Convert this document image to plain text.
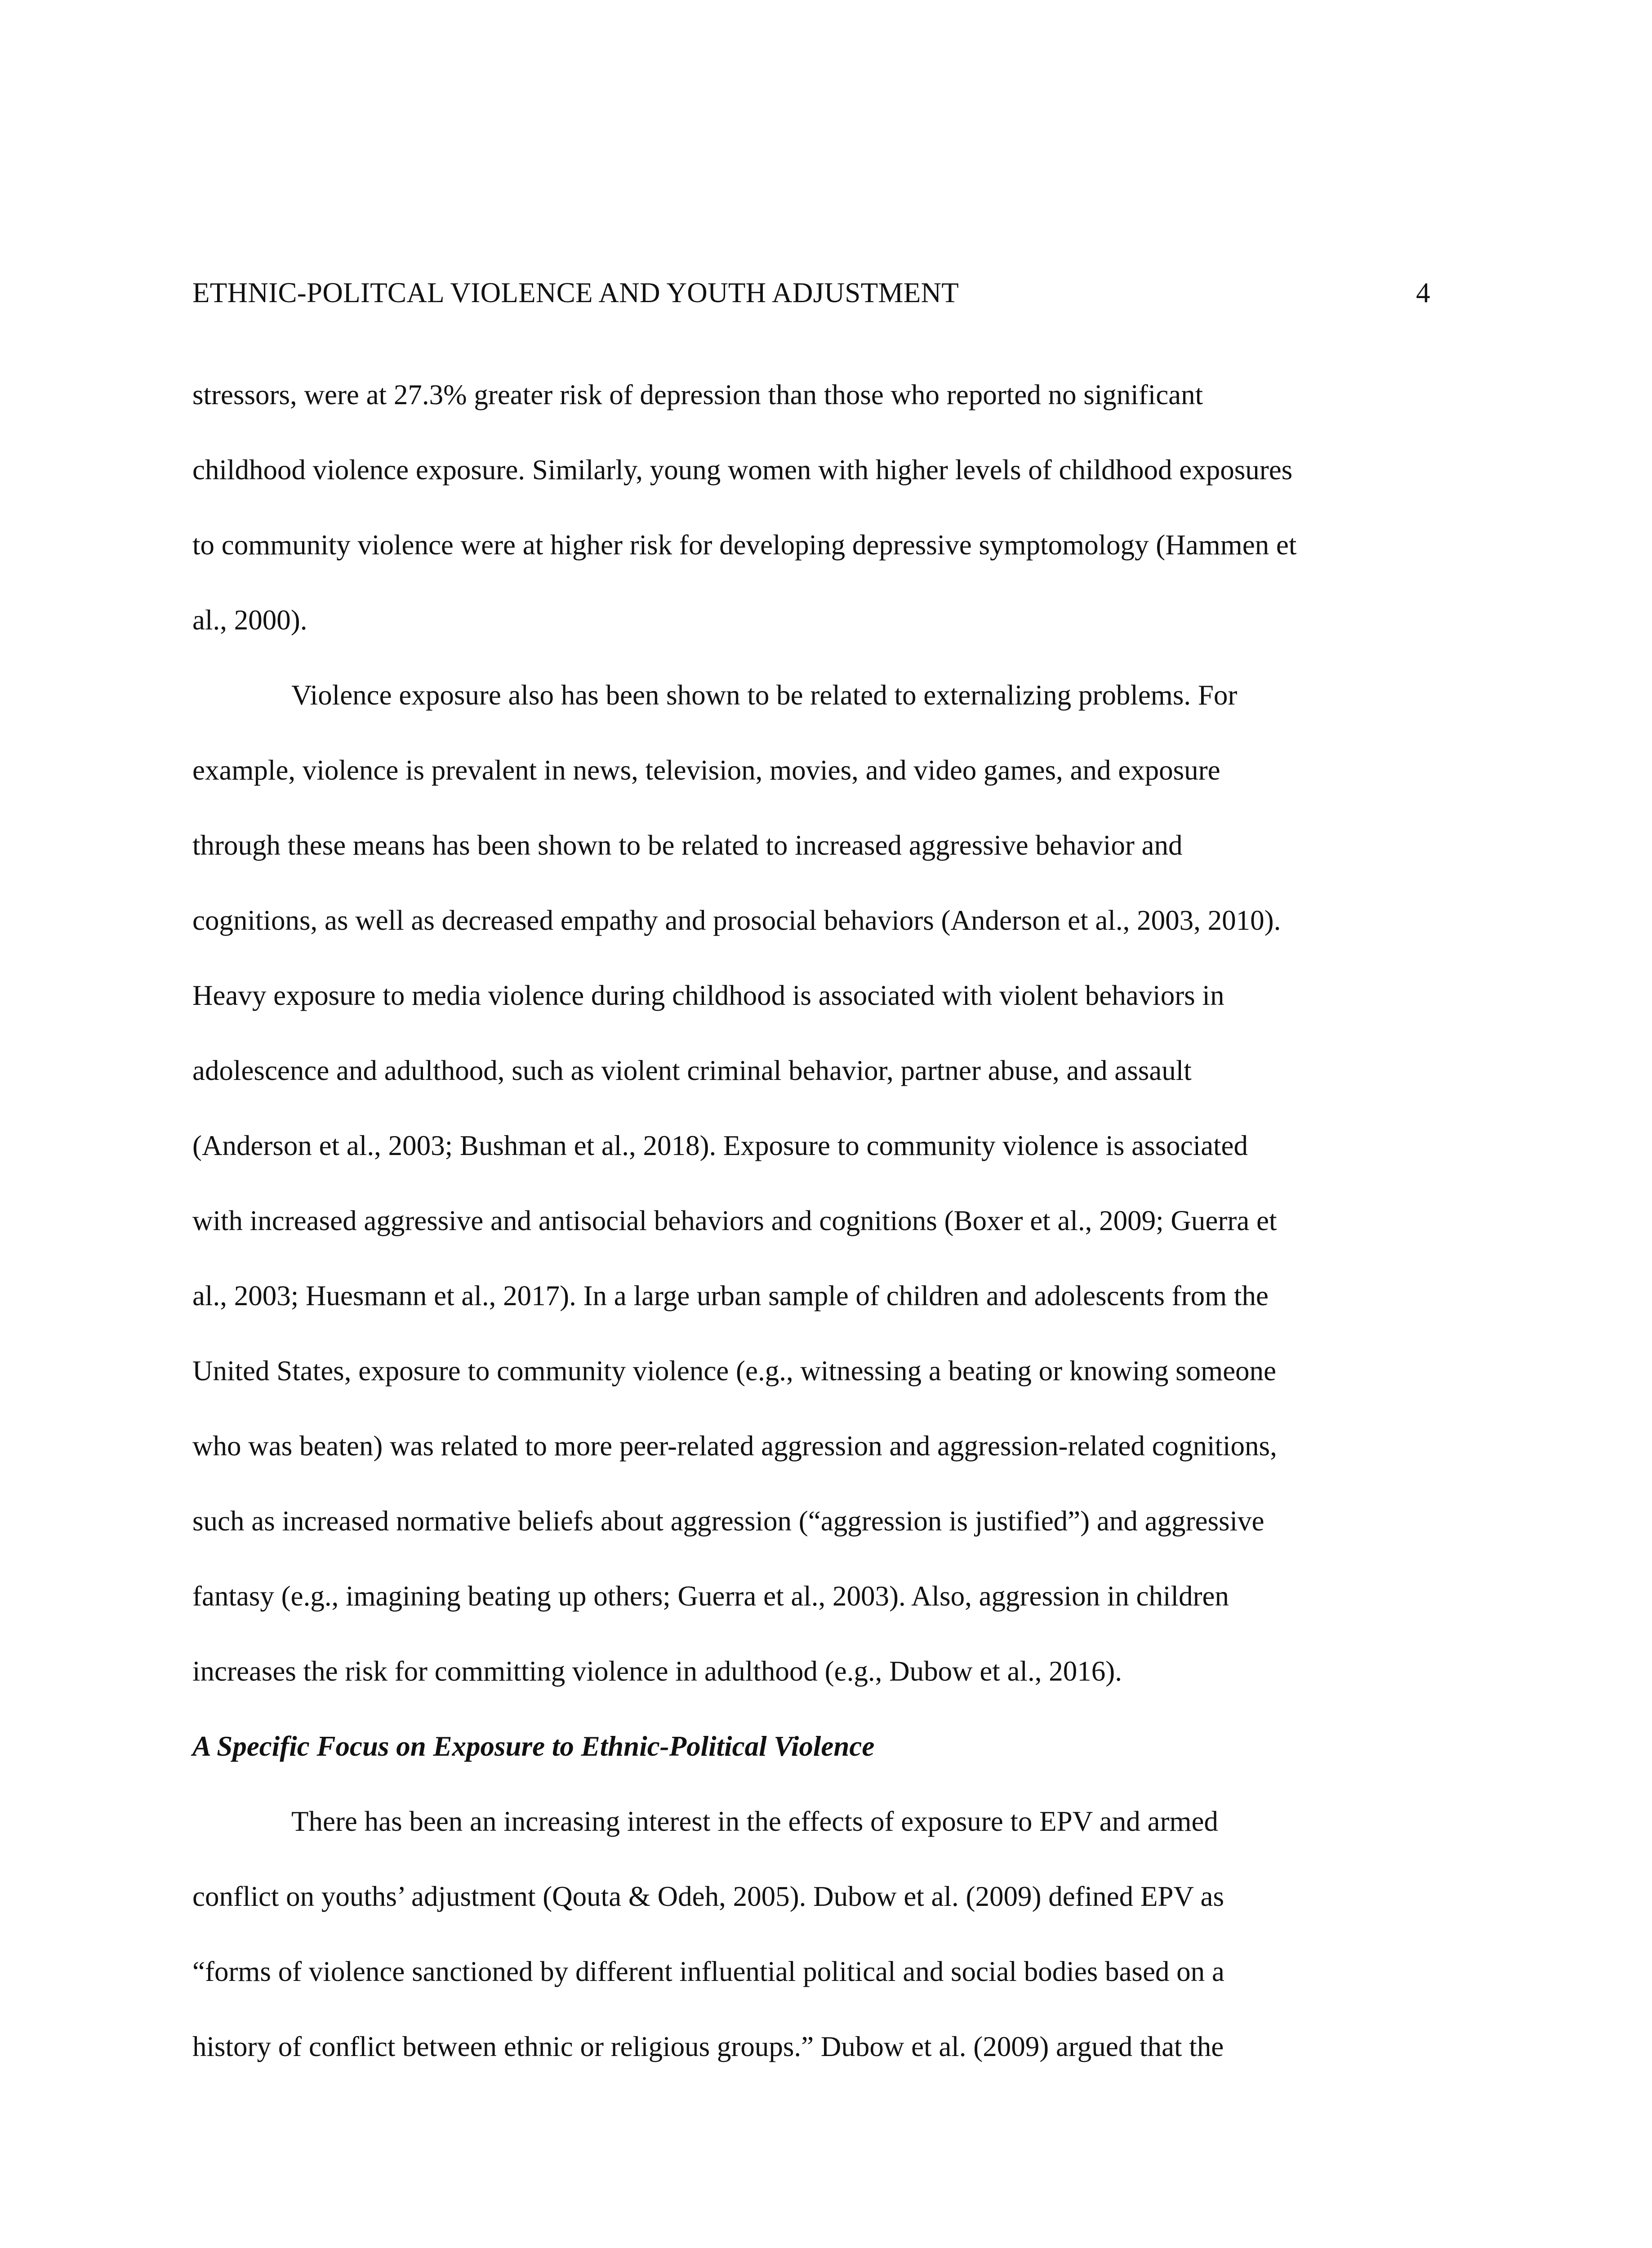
ETHNIC-POLITCAL VIOLENCE AND YOUTH ADJUSTMENT	4
stressors, were at 27.3% greater risk of depression than those who reported no significant
childhood violence exposure. Similarly, young women with higher levels of childhood exposures
to community violence were at higher risk for developing depressive symptomology (Hammen et
al., 2000).
Violence exposure also has been shown to be related to externalizing problems. For
example, violence is prevalent in news, television, movies, and video games, and exposure
through these means has been shown to be related to increased aggressive behavior and
cognitions, as well as decreased empathy and prosocial behaviors (Anderson et al., 2003, 2010).
Heavy exposure to media violence during childhood is associated with violent behaviors in
adolescence and adulthood, such as violent criminal behavior, partner abuse, and assault
(Anderson et al., 2003; Bushman et al., 2018). Exposure to community violence is associated
with increased aggressive and antisocial behaviors and cognitions (Boxer et al., 2009; Guerra et
al., 2003; Huesmann et al., 2017). In a large urban sample of children and adolescents from the
United States, exposure to community violence (e.g., witnessing a beating or knowing someone
who was beaten) was related to more peer-related aggression and aggression-related cognitions,
such as increased normative beliefs about aggression (“aggression is justified”) and aggressive
fantasy (e.g., imagining beating up others; Guerra et al., 2003). Also, aggression in children
increases the risk for committing violence in adulthood (e.g., Dubow et al., 2016).
A Specific Focus on Exposure to Ethnic-Political Violence
There has been an increasing interest in the effects of exposure to EPV and armed
conflict on youths’ adjustment (Qouta & Odeh, 2005). Dubow et al. (2009) defined EPV as
“forms of violence sanctioned by different influential political and social bodies based on a
history of conflict between ethnic or religious groups.” Dubow et al. (2009) argued that the
